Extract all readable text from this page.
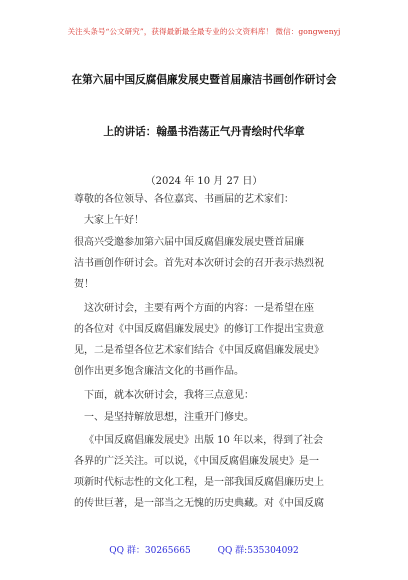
关注头条号“公文研究”，获得最新最全最专业的公文资料库！ 微信：gongwenyj
在第六届中国反腐倡廉发展史暨首届廉洁书画创作研讨会
上的讲话：翰墨书浩荡正气丹青绘时代华章
（2024 年 10 月 27 日）
尊敬的各位领导、各位嘉宾、书画届的艺术家们：
大家上午好！
很高兴受邀参加第六届中国反腐倡廉发展史暨首届廉
洁书画创作研讨会。首先对本次研讨会的召开表示热烈祝
贺！
这次研讨会，主要有两个方面的内容：一是希望在座
的各位对《中国反腐倡廉发展史》的修订工作提出宝贵意
见，二是希望各位艺术家们结合《中国反腐倡廉发展史》
创作出更多饱含廉洁文化的书画作品。
下面，就本次研讨会，我将三点意见：
一、是坚持解放思想，注重开门修史。
《中国反腐倡廉发展史》出版 10 年以来，得到了社会
各界的广泛关注。可以说，《中国反腐倡廉发展史》是一
项新时代标志性的文化工程，是一部我国反腐倡廉历史上
的传世巨著，是一部当之无愧的历史典藏。对《中国反腐
QQ 群：30265665	QQ 群:535304092
